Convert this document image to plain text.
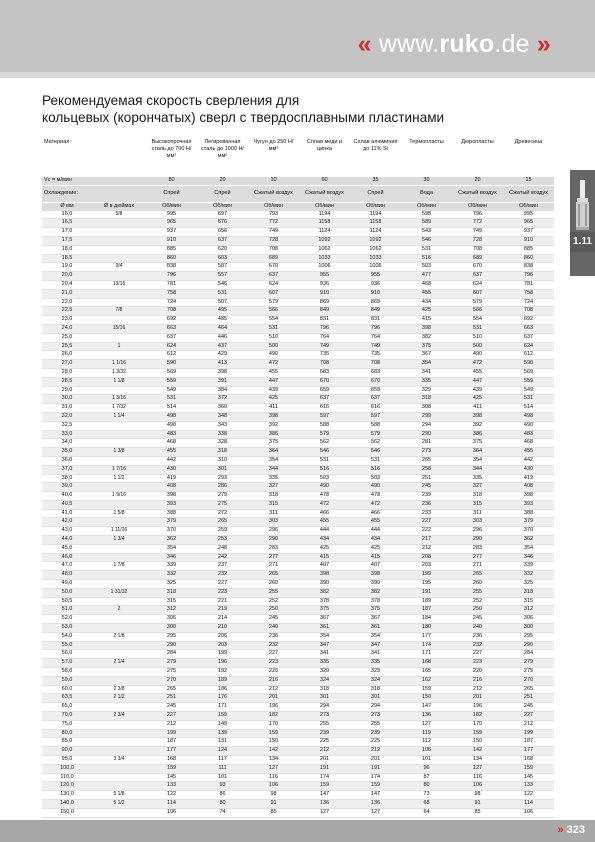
« www.ruko.de »
Рекомендуемая скорость сверления для
кольцевых (корончатых) сверл с твердосплавными пластинами
Материал:		Высокопрочная сталь до 700 Н/мм²	Легированная сталь до 1000 Н/мм²	Чугун до 250 Н/мм²	Сплав меди и цинка	Сплав алюминия до 11% Si	Термопласты	Дюропласты	Древесина
Vc = м/мин		80	20	10	60	35	30	20	15
Охлаждение:		Спрей	Спрей	Сжатый воздух	Сжатый воздух	Спрей	Вода	Сжатый воздух	Сжатый воздух
Ø мм	Ø в дюймах	Об/мин	Об/мин	Об/мин	Об/мин	Об/мин	Об/мин	Об/мин	Об/мин
16,0	5/8	995	697	793	1194	1194	598	796	995
16,5		965	676	772	1158	1158	589	772	965
17,0		937	656	749	1124	1124	543	749	937
17,5		910	637	728	1092	1092	546	728	910
18,0		885	620	708	1062	1062	531	708	885
18,5		860	603	689	1033	1033	516	689	860
19,0	3/4	838	587	670	1006	1006	503	670	838
20,0		796	557	637	955	955	477	637	796
20,4	13/16	781	546	624	936	936	468	624	781
21,0		758	531	607	910	910	455	607	758
22,0		724	507	579	869	869	434	579	724
22,5	7/8	708	495	566	849	849	425	566	708
23,0		692	485	554	831	831	415	554	692
24,0	15/16	663	464	531	796	796	398	531	663
25,0		637	446	510	764	764	382	510	637
25,5	1	624	437	500	749	749	375	500	624
26,0		612	429	490	735	735	367	490	612
27,0	1 1/16	590	413	472	708	708	354	472	590
28,0	1 3/32	569	398	455	683	683	341	455	569
28,5	1 1/8	559	391	447	670	670	335	447	559
29,0		549	384	439	659	659	329	439	549
30,0	1 3/16	531	372	425	637	637	318	425	531
31,0	1 7/32	514	360	411	616	616	308	411	514
32,0	1 1/4	498	348	398	597	597	299	398	498
32,5		490	343	392	588	588	294	392	490
33,0		483	338	386	579	579	290	386	483
34,0		468	328	375	562	562	281	375	468
35,0	1 3/8	455	318	364	546	546	273	364	455
36,0		442	310	354	531	531	265	354	442
37,0	1 7/16	430	301	344	516	516	258	344	430
38,0	1 1/2	419	293	335	503	503	251	335	419
39,0		408	286	327	490	490	245	327	408
40,0	1 9/16	398	279	318	478	478	239	318	398
40,5		393	275	315	472	472	236	315	393
41,0	1 5/8	388	272	311	466	466	233	311	388
42,0		379	265	303	455	455	227	303	379
43,0	1 11/16	370	259	296	444	444	222	296	370
44,0	1 3/4	362	253	290	434	434	217	290	362
45,0		354	248	283	425	425	212	283	354
46,0		346	242	277	415	415	208	277	346
47,0	1 7/8	339	237	271	407	407	203	271	339
48,0		332	232	265	398	398	199	265	332
49,0		325	227	260	390	390	195	260	325
50,0	1 31/32	318	223	255	382	382	191	255	318
50,5		315	221	252	378	378	189	252	315
51,0	2	312	219	250	375	375	187	250	312
52,0		306	214	245	367	367	184	245	306
53,0		300	210	240	361	361	180	240	300
54,0	2 1/8	295	206	236	354	354	177	236	295
55,0		290	203	232	347	347	174	232	290
56,0		284	199	227	341	341	171	227	284
57,0	2 1/4	279	196	223	335	335	168	223	279
58,0		275	192	220	329	329	165	220	275
59,0		270	189	216	324	324	162	216	270
60,0	2 3/8	265	186	212	318	318	159	212	265
63,5	2 1/2	251	176	201	301	301	150	201	251
65,0		245	171	196	294	294	147	196	245
70,0	2 3/4	227	159	182	273	273	136	182	227
75,0		212	149	170	255	255	127	170	212
80,0		199	139	159	239	239	119	159	199
85,0		187	131	150	225	225	112	150	187
90,0		177	124	142	212	212	106	142	177
95,0	3 3/4	168	117	134	201	201	101	134	168
100,0		159	111	127	191	191	96	127	159
110,0		145	101	116	174	174	87	116	145
120,0		133	93	106	159	159	80	106	133
130,0	5 1/8	122	86	98	147	147	73	98	122
140,0	5 1/2	114	80	91	136	136	68	91	114
150,0		106	74	85	127	127	64	85	106
1.11
» 323
